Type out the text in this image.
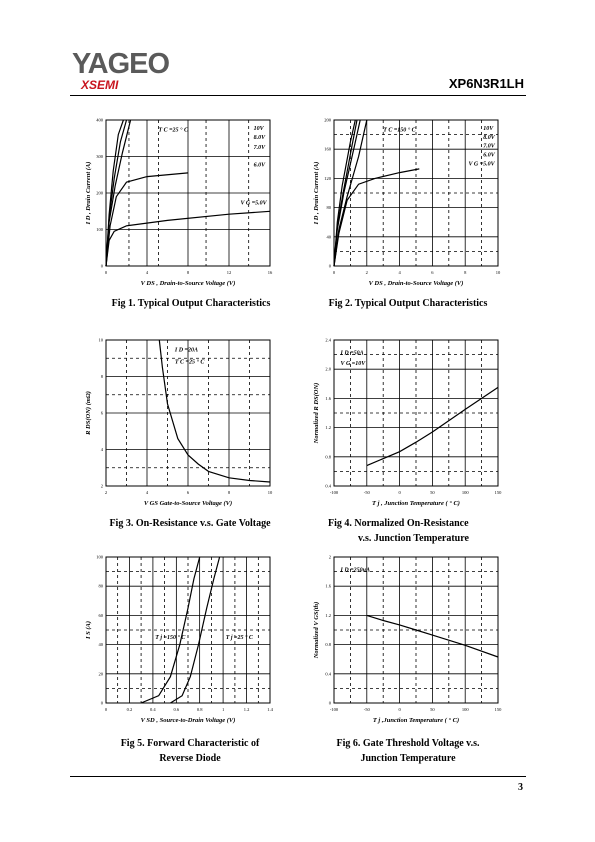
YAGEO
XSEMI	XP6N3R1LH
0	4	8	12	16
0
100
200
300
400
V DS , Drain-to-Source Voltage (V)
I D , Drain Current (A)
T C =25 ° C	10V
8.0V
7.0V
6.0V
V G =5.0V
Fig 1. Typical Output Characteristics
0	2	4	6	8	10
0
40
80
120
160
200
V DS , Drain-to-Source Voltage (V)
I D , Drain Current (A)
T C =150 ° C	10V
8.0V
7.0V
6.0V
V G =5.0V
Fig 2. Typical Output Characteristics
2	4	6	8	10
2
4
6
8
10
V GS Gate-to-Source Voltage (V)
R DS(ON) (mΩ)
I D =20A
T C =25 ° C
Fig 3. On-Resistance v.s. Gate Voltage
-100	-50	0	50	100	150
0.4
0.8
1.2
1.6
2.0
2.4
T j , Junction Temperature ( ° C)
Normalized R DS(ON)
I D =50A
V G =10V
Fig 4. Normalized On-Resistance
v.s. Junction Temperature
0	0.2	0.4	0.6	0.8	1	1.2	1.4
0
20
40
60
80
100
V SD , Source-to-Drain Voltage (V)
I S (A)	T j =150 ° C	T j =25 ° C
Fig 5. Forward Characteristic of
Reverse Diode
-100	-50	0	50	100	150
0
0.4
0.8
1.2
1.6
2
T j ,Junction Temperature ( ° C)
Normalized V GS(th)
I D =250uA
Fig 6. Gate Threshold Voltage v.s.
Junction Temperature
3
